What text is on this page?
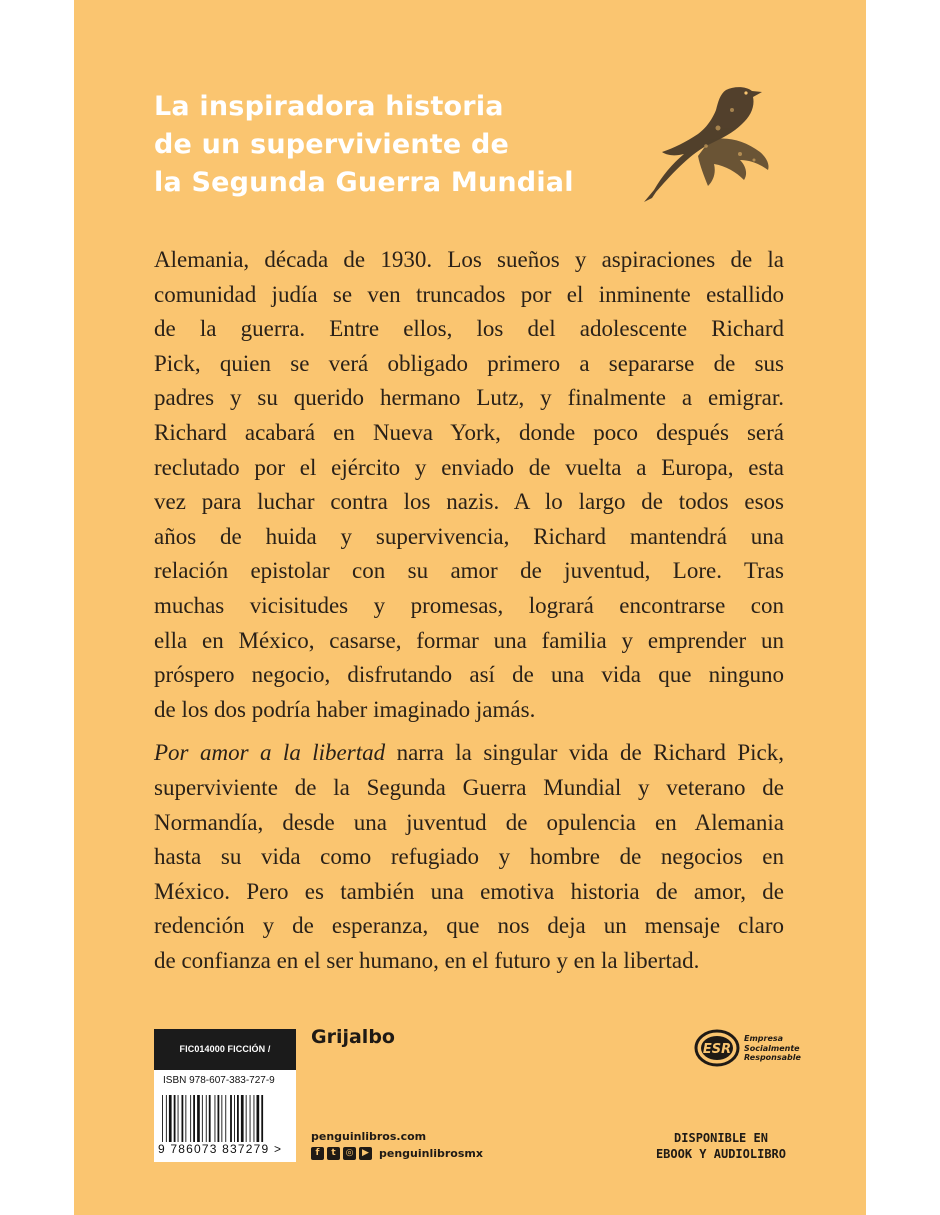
La inspiradora historia
de un superviviente de
la Segunda Guerra Mundial

Alemania, década de 1930. Los sueños y aspiraciones de la
comunidad judía se ven truncados por el inminente estallido
de la guerra. Entre ellos, los del adolescente Richard
Pick, quien se verá obligado primero a separarse de sus
padres y su querido hermano Lutz, y finalmente a emigrar.
Richard acabará en Nueva York, donde poco después será
reclutado por el ejército y enviado de vuelta a Europa, esta
vez para luchar contra los nazis. A lo largo de todos esos
años de huida y supervivencia, Richard mantendrá una
relación epistolar con su amor de juventud, Lore. Tras
muchas vicisitudes y promesas, logrará encontrarse con
ella en México, casarse, formar una familia y emprender un
próspero negocio, disfrutando así de una vida que ninguno
de los dos podría haber imaginado jamás.

Por amor a la libertad narra la singular vida de Richard Pick,
superviviente de la Segunda Guerra Mundial y veterano de
Normandía, desde una juventud de opulencia en Alemania
hasta su vida como refugiado y hombre de negocios en
México. Pero es también una emotiva historia de amor, de
redención y de esperanza, que nos deja un mensaje claro
de confianza en el ser humano, en el futuro y en la libertad.

FIC014000 FICCIÓN / HISTÓRICA
ISBN 978-607-383-727-9
9 786073 837279 >
Grijalbo
penguinlibros.com
f	t	◎ ▶ penguinlibrosmx
ESR
Empresa
Socialmente
Responsable
DISPONIBLE EN
EBOOK Y AUDIOLIBRO
